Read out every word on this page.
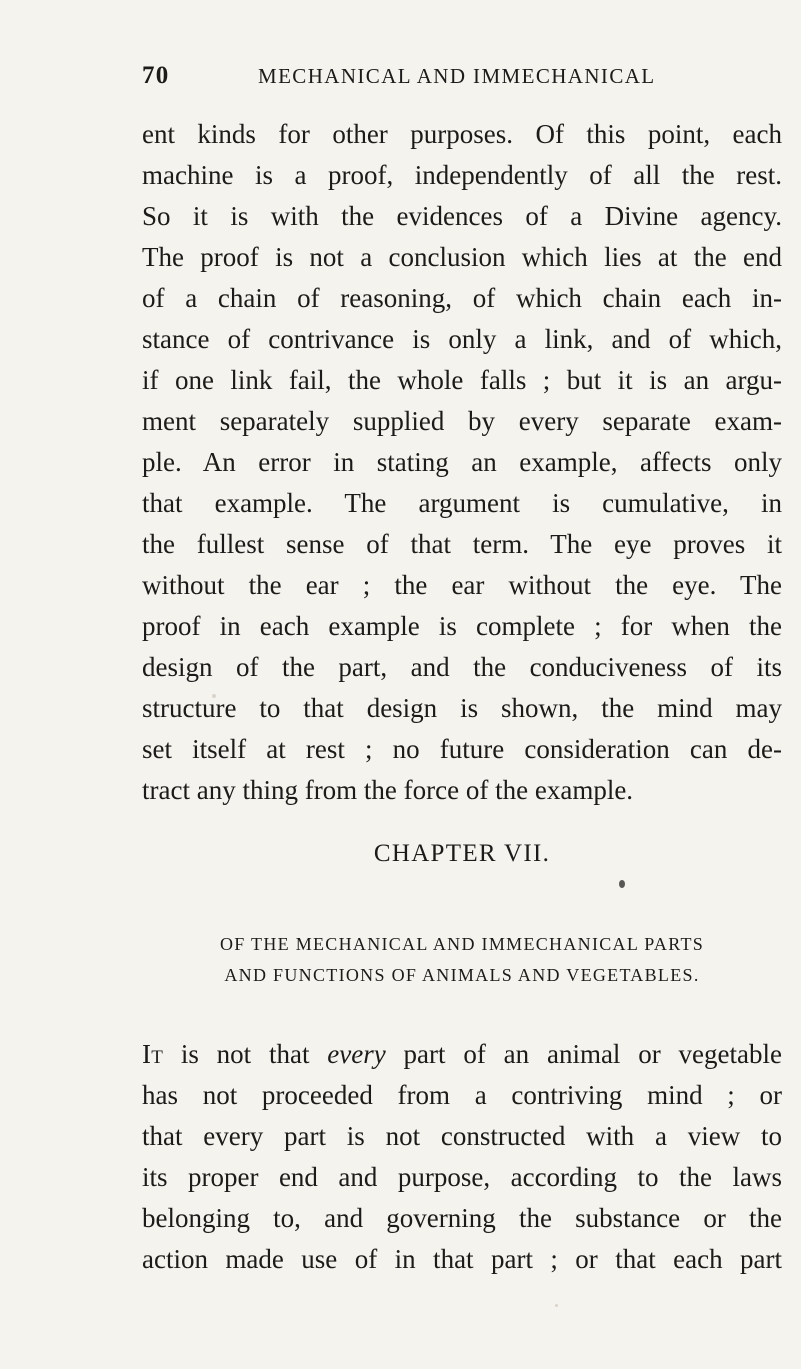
70	MECHANICAL AND IMMECHANICAL
ent kinds for other purposes. Of this point, each
machine is a proof, independently of all the rest.
So it is with the evidences of a Divine agency.
The proof is not a conclusion which lies at the end
of a chain of reasoning, of which chain each in-
stance of contrivance is only a link, and of which,
if one link fail, the whole falls ; but it is an argu-
ment separately supplied by every separate exam-
ple. An error in stating an example, affects only
that example. The argument is cumulative, in
the fullest sense of that term. The eye proves it
without the ear ; the ear without the eye. The
proof in each example is complete ; for when the
design of the part, and the conduciveness of its
structure to that design is shown, the mind may
set itself at rest ; no future consideration can de-
tract any thing from the force of the example.
CHAPTER VII.
OF THE MECHANICAL AND IMMECHANICAL PARTS
AND FUNCTIONS OF ANIMALS AND VEGETABLES.
It is not that every part of an animal or vegetable
has not proceeded from a contriving mind ; or
that every part is not constructed with a view to
its proper end and purpose, according to the laws
belonging to, and governing the substance or the
action made use of in that part ; or that each part
